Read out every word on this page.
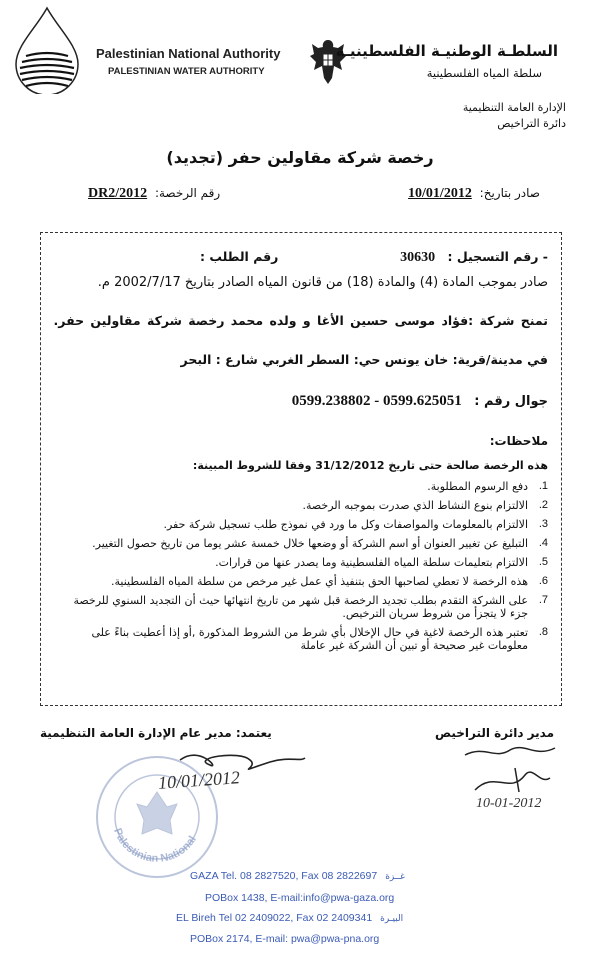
Palestinian National Authority
PALESTINIAN WATER AUTHORITY
السلطـة الوطنيـة الفلسطينيـة
سلطة المياه الفلسطينية
الإدارة العامة التنظيمية
دائرة التراخيص
رخصة شركة مقاولين حفر (تجديد)
صادر بتاريخ: 10/01/2012
رقم الرخصة: DR2/2012
- رقم التسجيل : 30630
رقم الطلب :
صادر بموجب المادة (4) والمادة (18) من قانون المياه الصادر بتاريخ 2002/7/17 م.
تمنح شركة :فؤاد موسى حسين الأغا و ولده محمد رخصة شركة مقاولين حفر.
في مدينة/قرية: خان يونس حي: السطر الغربي شارع : البحر
جوال رقم : 0599.238802 - 0599.625051
ملاحظات:
هذه الرخصة صالحة حتى تاريخ 31/12/2012 وفقا للشروط المبينة:
1.
دفع الرسوم المطلوبة.
2.
الالتزام بنوع النشاط الذي صدرت بموجبه الرخصة.
3.
الالتزام بالمعلومات والمواصفات وكل ما ورد في نموذج طلب تسجيل شركة حفر.
4.
التبليغ عن تغيير العنوان أو اسم الشركة أو وضعها خلال خمسة عشر يوما من تاريخ حصول التغيير.
5.
الالتزام بتعليمات سلطة المياه الفلسطينية وما يصدر عنها من قرارات.
6.
هذه الرخصة لا تعطي لصاحبها الحق بتنفيذ أي عمل غير مرخص من سلطة المياه الفلسطينية.
7.
على الشركة التقدم بطلب تجديد الرخصة قبل شهر من تاريخ انتهائها حيث أن التجديد السنوي للرخصة جزء لا يتجزأ من شروط سريان الترخيص.
8.
تعتبر هذه الرخصة لاغية في حال الإخلال بأي شرط من الشروط المذكورة ,أو إذا أعطيت بناءً على معلومات غير صحيحة أو تبين أن الشركة غير عاملة
يعتمد: مدير عام الإدارة العامة التنظيمية	مدير دائرة التراخيص
Palestinian National
10/01/2012
10-01-2012
GAZA Tel. 08 2827520, Fax 08 2822697 غــزة
POBox 1438, E-mail:info@pwa-gaza.org
EL Bireh Tel 02 2409022, Fax 02 2409341 البيـرة
POBox 2174, E-mail: pwa@pwa-pna.org
